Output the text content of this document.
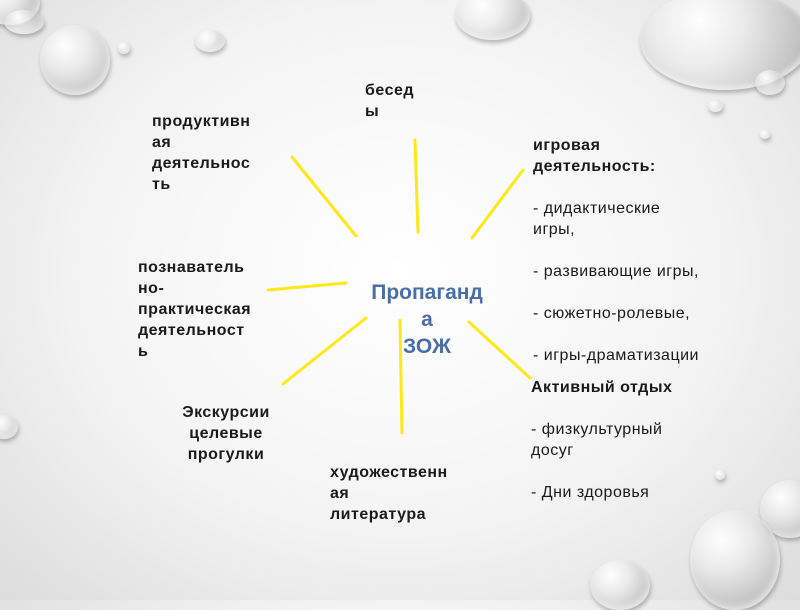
Пропаганд
а

ЗОЖ

бесед
ы
продуктивн
ая
деятельнос
ть

игровая
деятельность:

- дидактические
игры,

- развивающие игры,

- сюжетно-ролевые,

- игры-драматизации

познаватель
но-
практическая
деятельност
ь

Активный отдых

- физкультурный
досуг

- Дни здоровья

Экскурсии
целевые
прогулки
художественн
ая
литература
